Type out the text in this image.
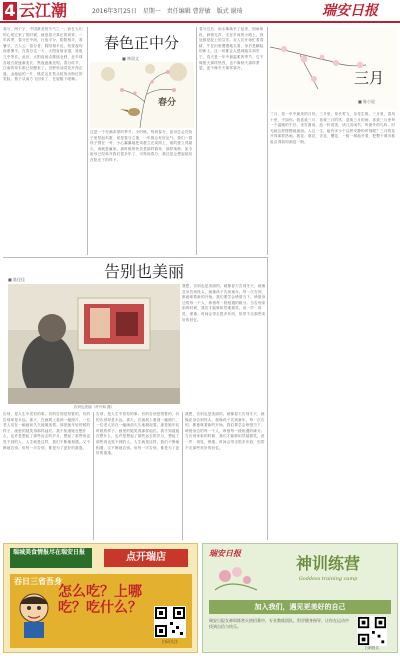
4 云江潮	2016年3月25日　星期一　责任编辑 曹舒敏　版式 谢琦	瑞安日报
春分，两个字，中国最美的节气之一，而在人们的心里它来了的时候，就是春天真正的到来。一年四季，春分在中间，日夜平分，阴阳相半，寒暑平。古人云：春分者，阴阳相半也，故昼夜均而寒暑平。在春分这一天，太阳直射赤道，昼夜几乎等长。此后，太阳直射点继续北移，北半球各地白昼逐渐变长，黑夜逐渐变短。春分时节，江南的草木都已经醒来了。田野里油菜花开得正盛，金灿灿的一片，桃花也在枝头绽放出粉红的笑脸。燕子从南方飞回来了，在屋檐下呢喃。
春色正中分
■ 林国文
春分
这是一个充满希望的季节。小时候，每到春分，祖母总会在院子里竖起鸡蛋，说是春分立蛋，一年都会有好运气。我们一群孩子围在一旁，小心翼翼地把鸡蛋立在桌面上，谁的蛋立得最久，谁就是赢家。那时候的快乐是那样简单，那样纯粹。如今祖母已经离开我们很多年了，可每到春分，我还是会想起她站在阳光下的样子。
春分过后，雨水渐渐多了起来，细雨如丝，润物无声。走在乡间的小路上，到处都是泥土的芬芳。农人们开始忙着春耕，牛在田里慢慢地走着，身后是翻起的新土。这一切都让人感到踏实和安宁。春天是一年中最温柔的季节，它不像夏天那样热烈，也不像秋天那样萧瑟，更不像冬天那样寒冷。
三月
■ 陈小说
三月，是一年中最美的月份。三月里，草长莺飞，杂花生树。三月里，春风十里，不如你。我喜欢三月，喜欢三月的风，喜欢三月的雨，喜欢三月里每一个温暖的午后。坐在窗前，泡一杯清茶，读几页闲书，听窗外的鸟鸣，时光就这样慢慢地流淌。人这一生，能有多少个这样安静的时刻呢？三月的花开得那样热闹，桃花、梨花、杏花、樱花，一树一树地开着，把整个城市都装点得如同画卷一般。
告别也美丽
■ 陈佳佳
告别也美丽（许兴和 摄）
我想，告别也是美丽的。就像春天告别冬天，就像花朵告别枝头，就像孩子告别童年。每一次告别，都意味着新的开始。我们要学会珍惜当下，珍惜身边的每一个人，珍惜每一段相遇的缘分。当告别来临的时候，我们才能够坦然地微笑，说一声：再见，保重。时间会带走很多东西，但带不走那些美好的回忆。
告别，是人生中常有的事。有的告别是短暂的，有的告别却是永远。那天，在画展上看到一幅照片，一位老人站在一幅画前久久地凝视着。那是她年轻时候的样子，画里的她笑得那样灿烂。我不知道她在想什么，也许是想起了那些远去的岁月，想起了那些再也见不到的人。人生就是这样，我们不断地相遇，又不断地告别。但每一次告别，都是为了更好的重逢。
告别，是人生中常有的事。有的告别是短暂的，有的告别却是永远。那天，在画展上看到一幅照片，一位老人站在一幅画前久久地凝视着。那是她年轻时候的样子，画里的她笑得那样灿烂。我不知道她在想什么，也许是想起了那些远去的岁月，想起了那些再也见不到的人。人生就是这样，我们不断地相遇，又不断地告别。但每一次告别，都是为了更好的重逢。
我想，告别也是美丽的。就像春天告别冬天，就像花朵告别枝头，就像孩子告别童年。每一次告别，都意味着新的开始。我们要学会珍惜当下，珍惜身边的每一个人，珍惜每一段相遇的缘分。当告别来临的时候，我们才能够坦然地微笑，说一声：再见，保重。时间会带走很多东西，但带不走那些美好的回忆。
瑞城美食情报尽在瑞安日报	点开瑞店
吞日三省吾身
怎么吃？上哪吃？吃什么？
扫码关注
瑞安日报
神训练营
Goddess training camp
加入我们，遇见更美好的自己
瑞安日报女神训练营火热招募中，专业教练团队，科学健身指导，让你在运动中找到自信与快乐。
扫码报名
